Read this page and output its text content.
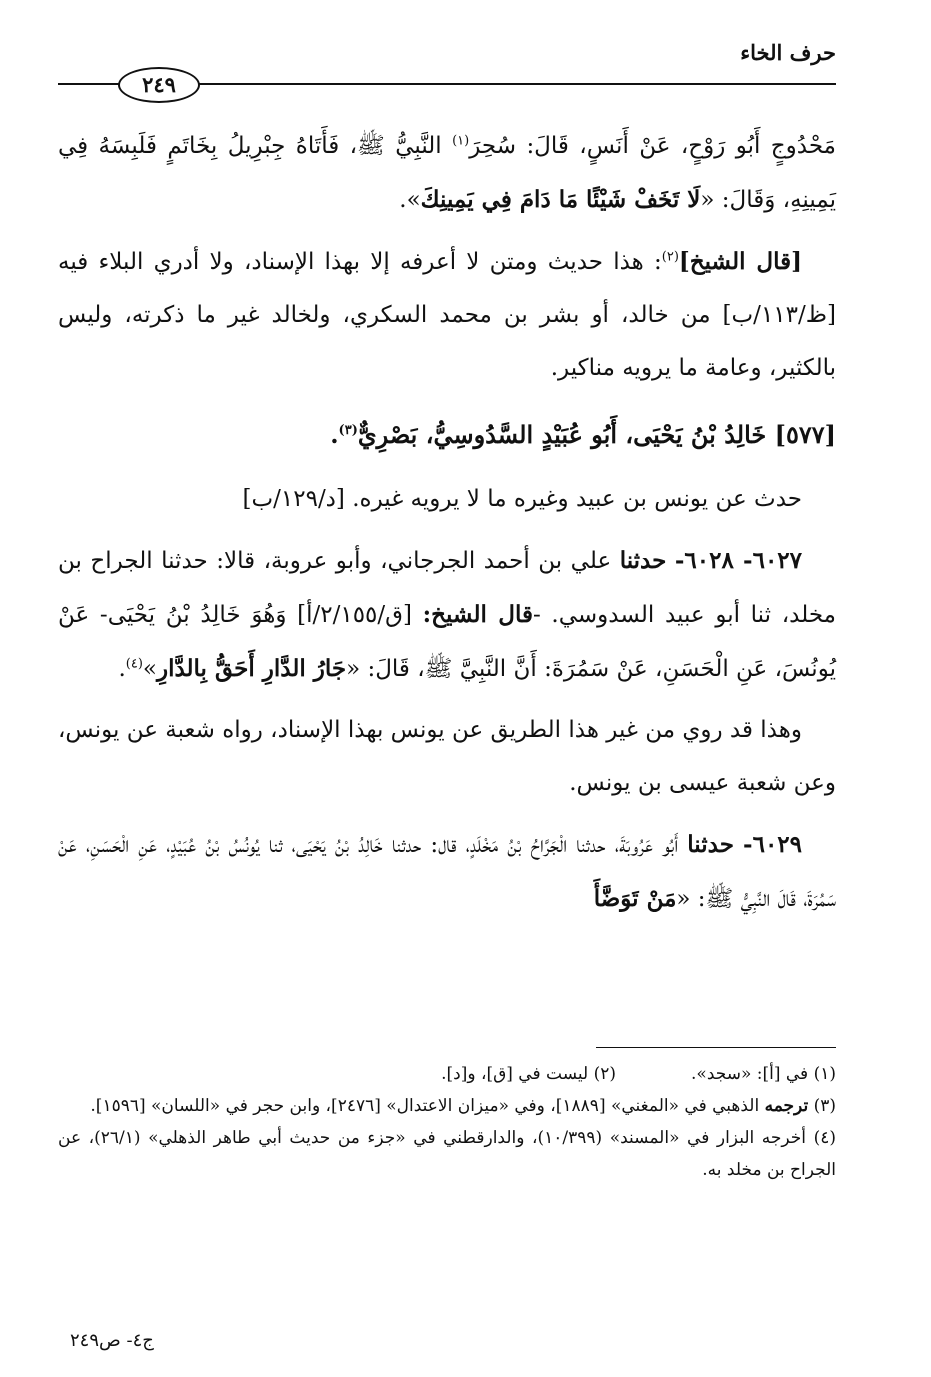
حرف الخاء
٢٤٩

مَحْدُوجٍ أَبُو رَوْحٍ، عَنْ أَنَسٍ، قَالَ: سُحِرَ$^{(١)}$ النَّبِيُّ ﷺ، فَأَتَاهُ جِبْرِيلُ بِخَاتَمٍ فَلَبِسَهُ فِي يَمِينِهِ، وَقَالَ: «لَا تَخَفْ شَيْئًا مَا دَامَ فِي يَمِينِكَ».

[قال الشيخ]$^{(٢)}$: هذا حديث ومتن لا أعرفه إلا بهذا الإسناد، ولا أدري البلاء فيه [ظ/١١٣/ب] من خالد، أو بشر بن محمد السكري، ولخالد غير ما ذكرته، وليس بالكثير، وعامة ما يرويه مناكير.

[٥٧٧] خَالِدُ بْنُ يَحْيَى، أَبُو عُبَيْدٍ السَّدُوسِيُّ، بَصْرِيٌّ$^{(٣)}$.

حدث عن يونس بن عبيد وغيره ما لا يرويه غيره. [د/١٢٩/ب]

٦٠٢٧- ٦٠٢٨- حدثنا علي بن أحمد الجرجاني، وأبو عروبة، قالا: حدثنا الجراح بن مخلد، ثنا أبو عبيد السدوسي. -قال الشيخ: [ق/٢/١٥٥/أ] وَهُوَ خَالِدُ بْنُ يَحْيَى- عَنْ يُونُسَ، عَنِ الْحَسَنِ، عَنْ سَمُرَةَ: أَنَّ النَّبِيَّ ﷺ، قَالَ: «جَارُ الدَّارِ أَحَقُّ بِالدَّارِ»$^{(٤)}$.

وهذا قد روي من غير هذا الطريق عن يونس بهذا الإسناد، رواه شعبة عن يونس، وعن شعبة عيسى بن يونس.

٦٠٢٩- حدثنا أَبُو عَرُوبَةَ، حدثنا الْجَرَّاحُ بْنُ مَخْلَدٍ، قال: حدثنا خَالِدُ بْنُ يَحْيَى، ثنا يُونُسُ بْنُ عُبَيْدٍ، عَنِ الْحَسَنِ، عَنْ سَمُرَةَ، قَالَ النَّبِيُّ ﷺ: «مَنْ تَوَضَّأَ

(١) في [أ]: «سجد».
(٢) ليست في [ق]، و[د].

(٣) ترجمه الذهبي في «المغني» [١٨٨٩]، وفي «ميزان الاعتدال» [٢٤٧٦]، وابن حجر في «اللسان» [١٥٩٦].

(٤) أخرجه البزار في «المسند» (١٠/٣٩٩)، والدارقطني في «جزء من حديث أبي طاهر الذهلي» (٢٦/١)، عن الجراح بن مخلد به.

ج٤- ص٢٤٩
